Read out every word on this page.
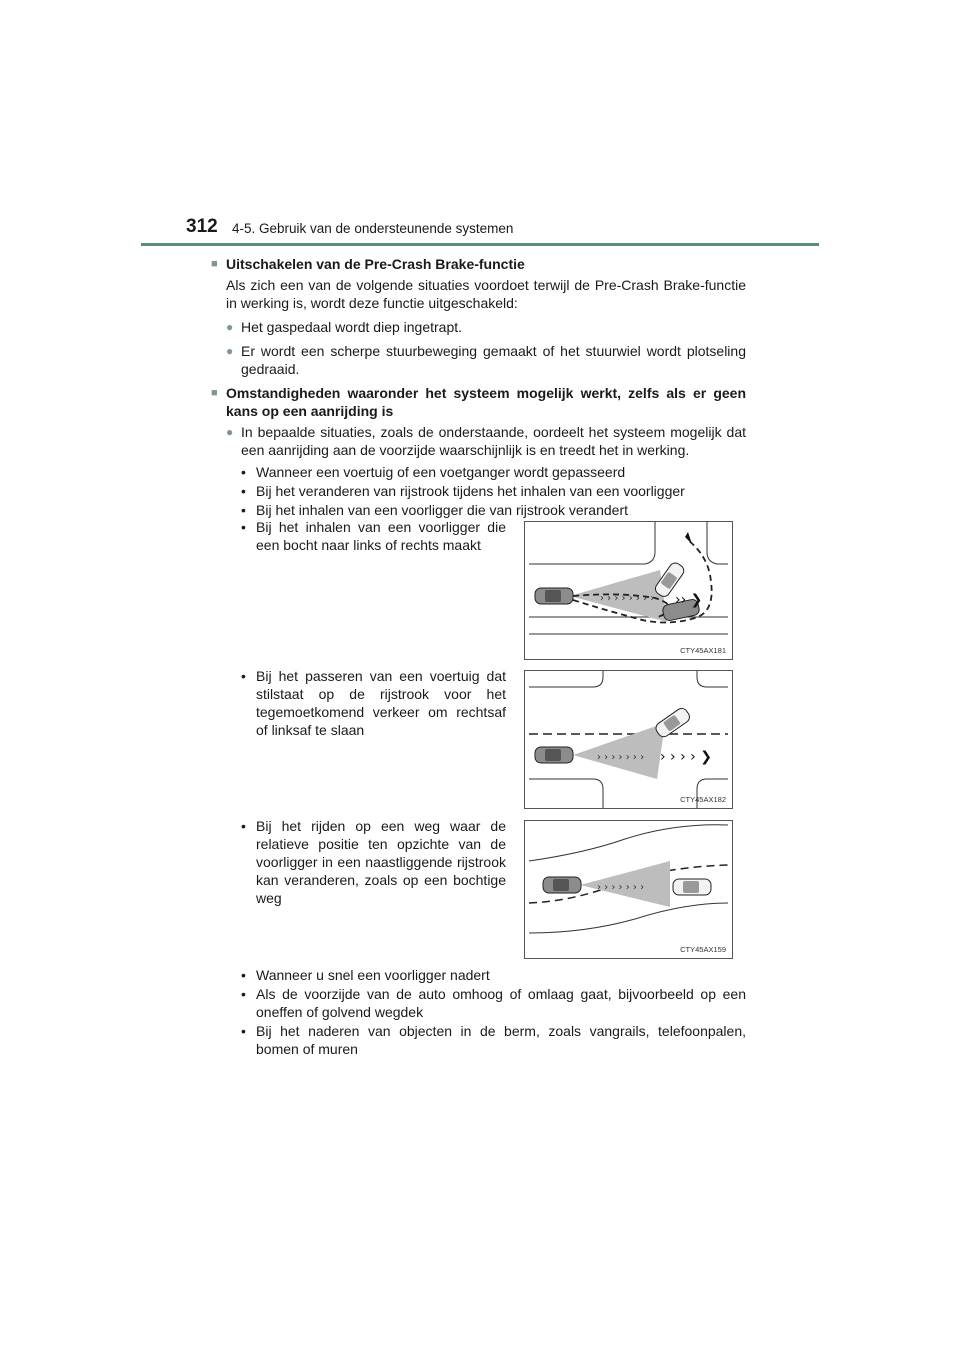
312 4-5. Gebruik van de ondersteunende systemen
■ Uitschakelen van de Pre-Crash Brake-functie
Als zich een van de volgende situaties voordoet terwijl de Pre-Crash Brake-functie in werking is, wordt deze functie uitgeschakeld:
● Het gaspedaal wordt diep ingetrapt.
● Er wordt een scherpe stuurbeweging gemaakt of het stuurwiel wordt plotseling gedraaid.
■ Omstandigheden waaronder het systeem mogelijk werkt, zelfs als er geen kans op een aanrijding is
● In bepaalde situaties, zoals de onderstaande, oordeelt het systeem mogelijk dat een aanrijding aan de voorzijde waarschijnlijk is en treedt het in werking.
• Wanneer een voertuig of een voetganger wordt gepasseerd
• Bij het veranderen van rijstrook tijdens het inhalen van een voorligger
• Bij het inhalen van een voorligger die van rijstrook verandert
• Bij het inhalen van een voorligger die een bocht naar links of rechts maakt
› › › › › › › › ›› ❯
CTY45AX181
• Bij het passeren van een voertuig dat stilstaat op de rijstrook voor het tegemoetkomend verkeer om rechtsaf of linksaf te slaan
› › › › › › › › › › › ❯
CTY45AX182
• Bij het rijden op een weg waar de relatieve positie ten opzichte van de voorligger in een naastliggende rijstrook kan veranderen, zoals op een bochtige weg
› › › › › › ›
CTY45AX159
• Wanneer u snel een voorligger nadert
• Als de voorzijde van de auto omhoog of omlaag gaat, bijvoorbeeld op een oneffen of golvend wegdek
• Bij het naderen van objecten in de berm, zoals vangrails, telefoonpalen, bomen of muren
